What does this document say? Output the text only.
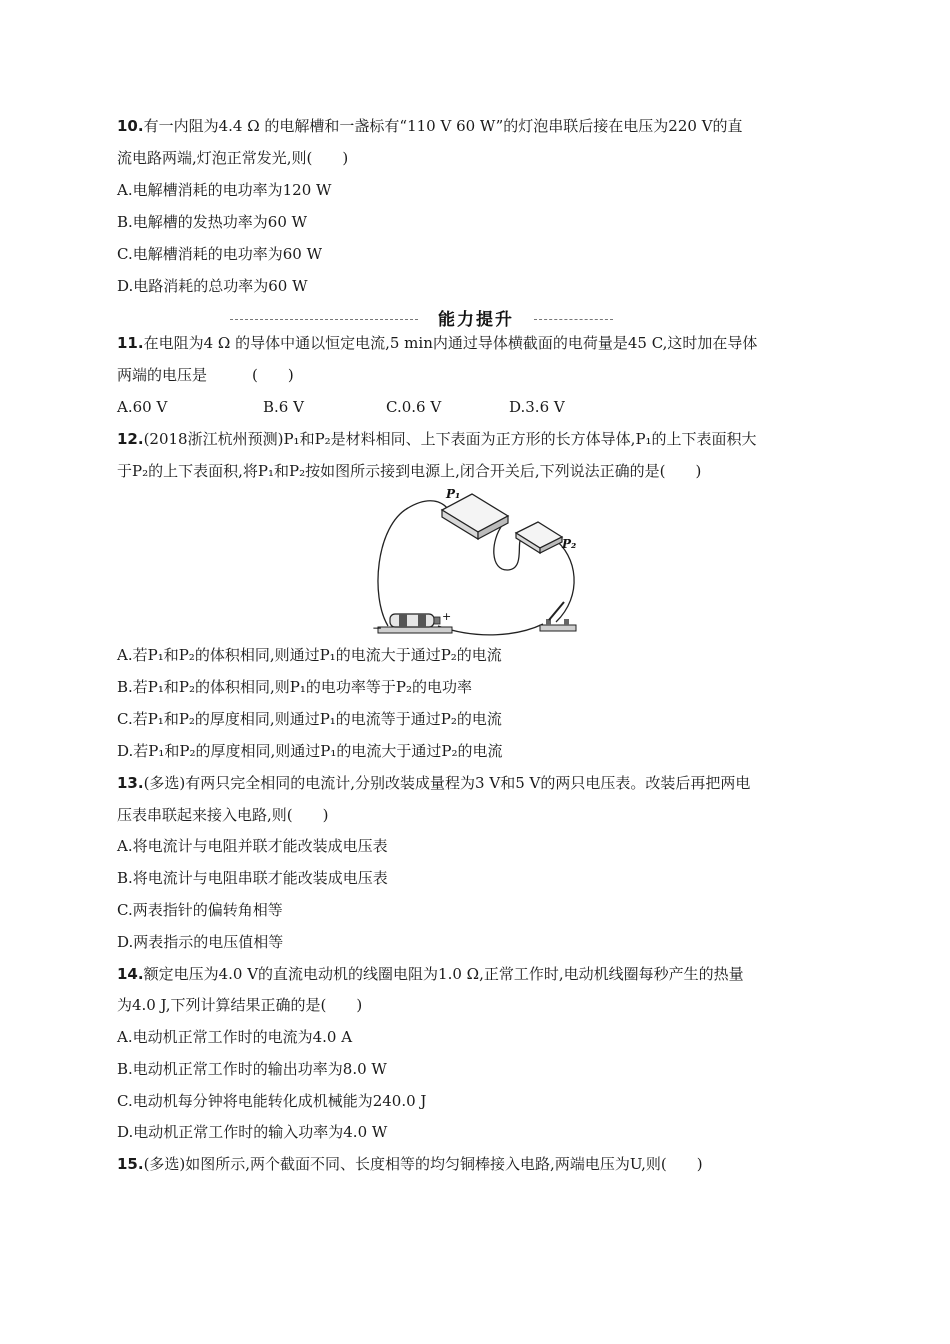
10.有一内阻为4.4 Ω 的电解槽和一盏标有“110 V 60 W”的灯泡串联后接在电压为220 V的直
流电路两端,灯泡正常发光,则(　　)
A.电解槽消耗的电功率为120 W
B.电解槽的发热功率为60 W
C.电解槽消耗的电功率为60 W
D.电路消耗的总功率为60 W
能力提升
11.在电阻为4 Ω 的导体中通以恒定电流,5 min内通过导体横截面的电荷量是45 C,这时加在导体
两端的电压是　　　(　　)
A.60 V	B.6 V	C.0.6 V	D.3.6 V
12.(2018浙江杭州预测)P₁和P₂是材料相同、上下表面为正方形的长方体导体,P₁的上下表面积大
于P₂的上下表面积,将P₁和P₂按如图所示接到电源上,闭合开关后,下列说法正确的是(　　)
P₁
P₂
−
+
A.若P₁和P₂的体积相同,则通过P₁的电流大于通过P₂的电流
B.若P₁和P₂的体积相同,则P₁的电功率等于P₂的电功率
C.若P₁和P₂的厚度相同,则通过P₁的电流等于通过P₂的电流
D.若P₁和P₂的厚度相同,则通过P₁的电流大于通过P₂的电流
13.(多选)有两只完全相同的电流计,分别改装成量程为3 V和5 V的两只电压表。改装后再把两电
压表串联起来接入电路,则(　　)
A.将电流计与电阻并联才能改装成电压表
B.将电流计与电阻串联才能改装成电压表
C.两表指针的偏转角相等
D.两表指示的电压值相等
14.额定电压为4.0 V的直流电动机的线圈电阻为1.0 Ω,正常工作时,电动机线圈每秒产生的热量
为4.0 J,下列计算结果正确的是(　　)
A.电动机正常工作时的电流为4.0 A
B.电动机正常工作时的输出功率为8.0 W
C.电动机每分钟将电能转化成机械能为240.0 J
D.电动机正常工作时的输入功率为4.0 W
15.(多选)如图所示,两个截面不同、长度相等的均匀铜棒接入电路,两端电压为U,则(　　)
